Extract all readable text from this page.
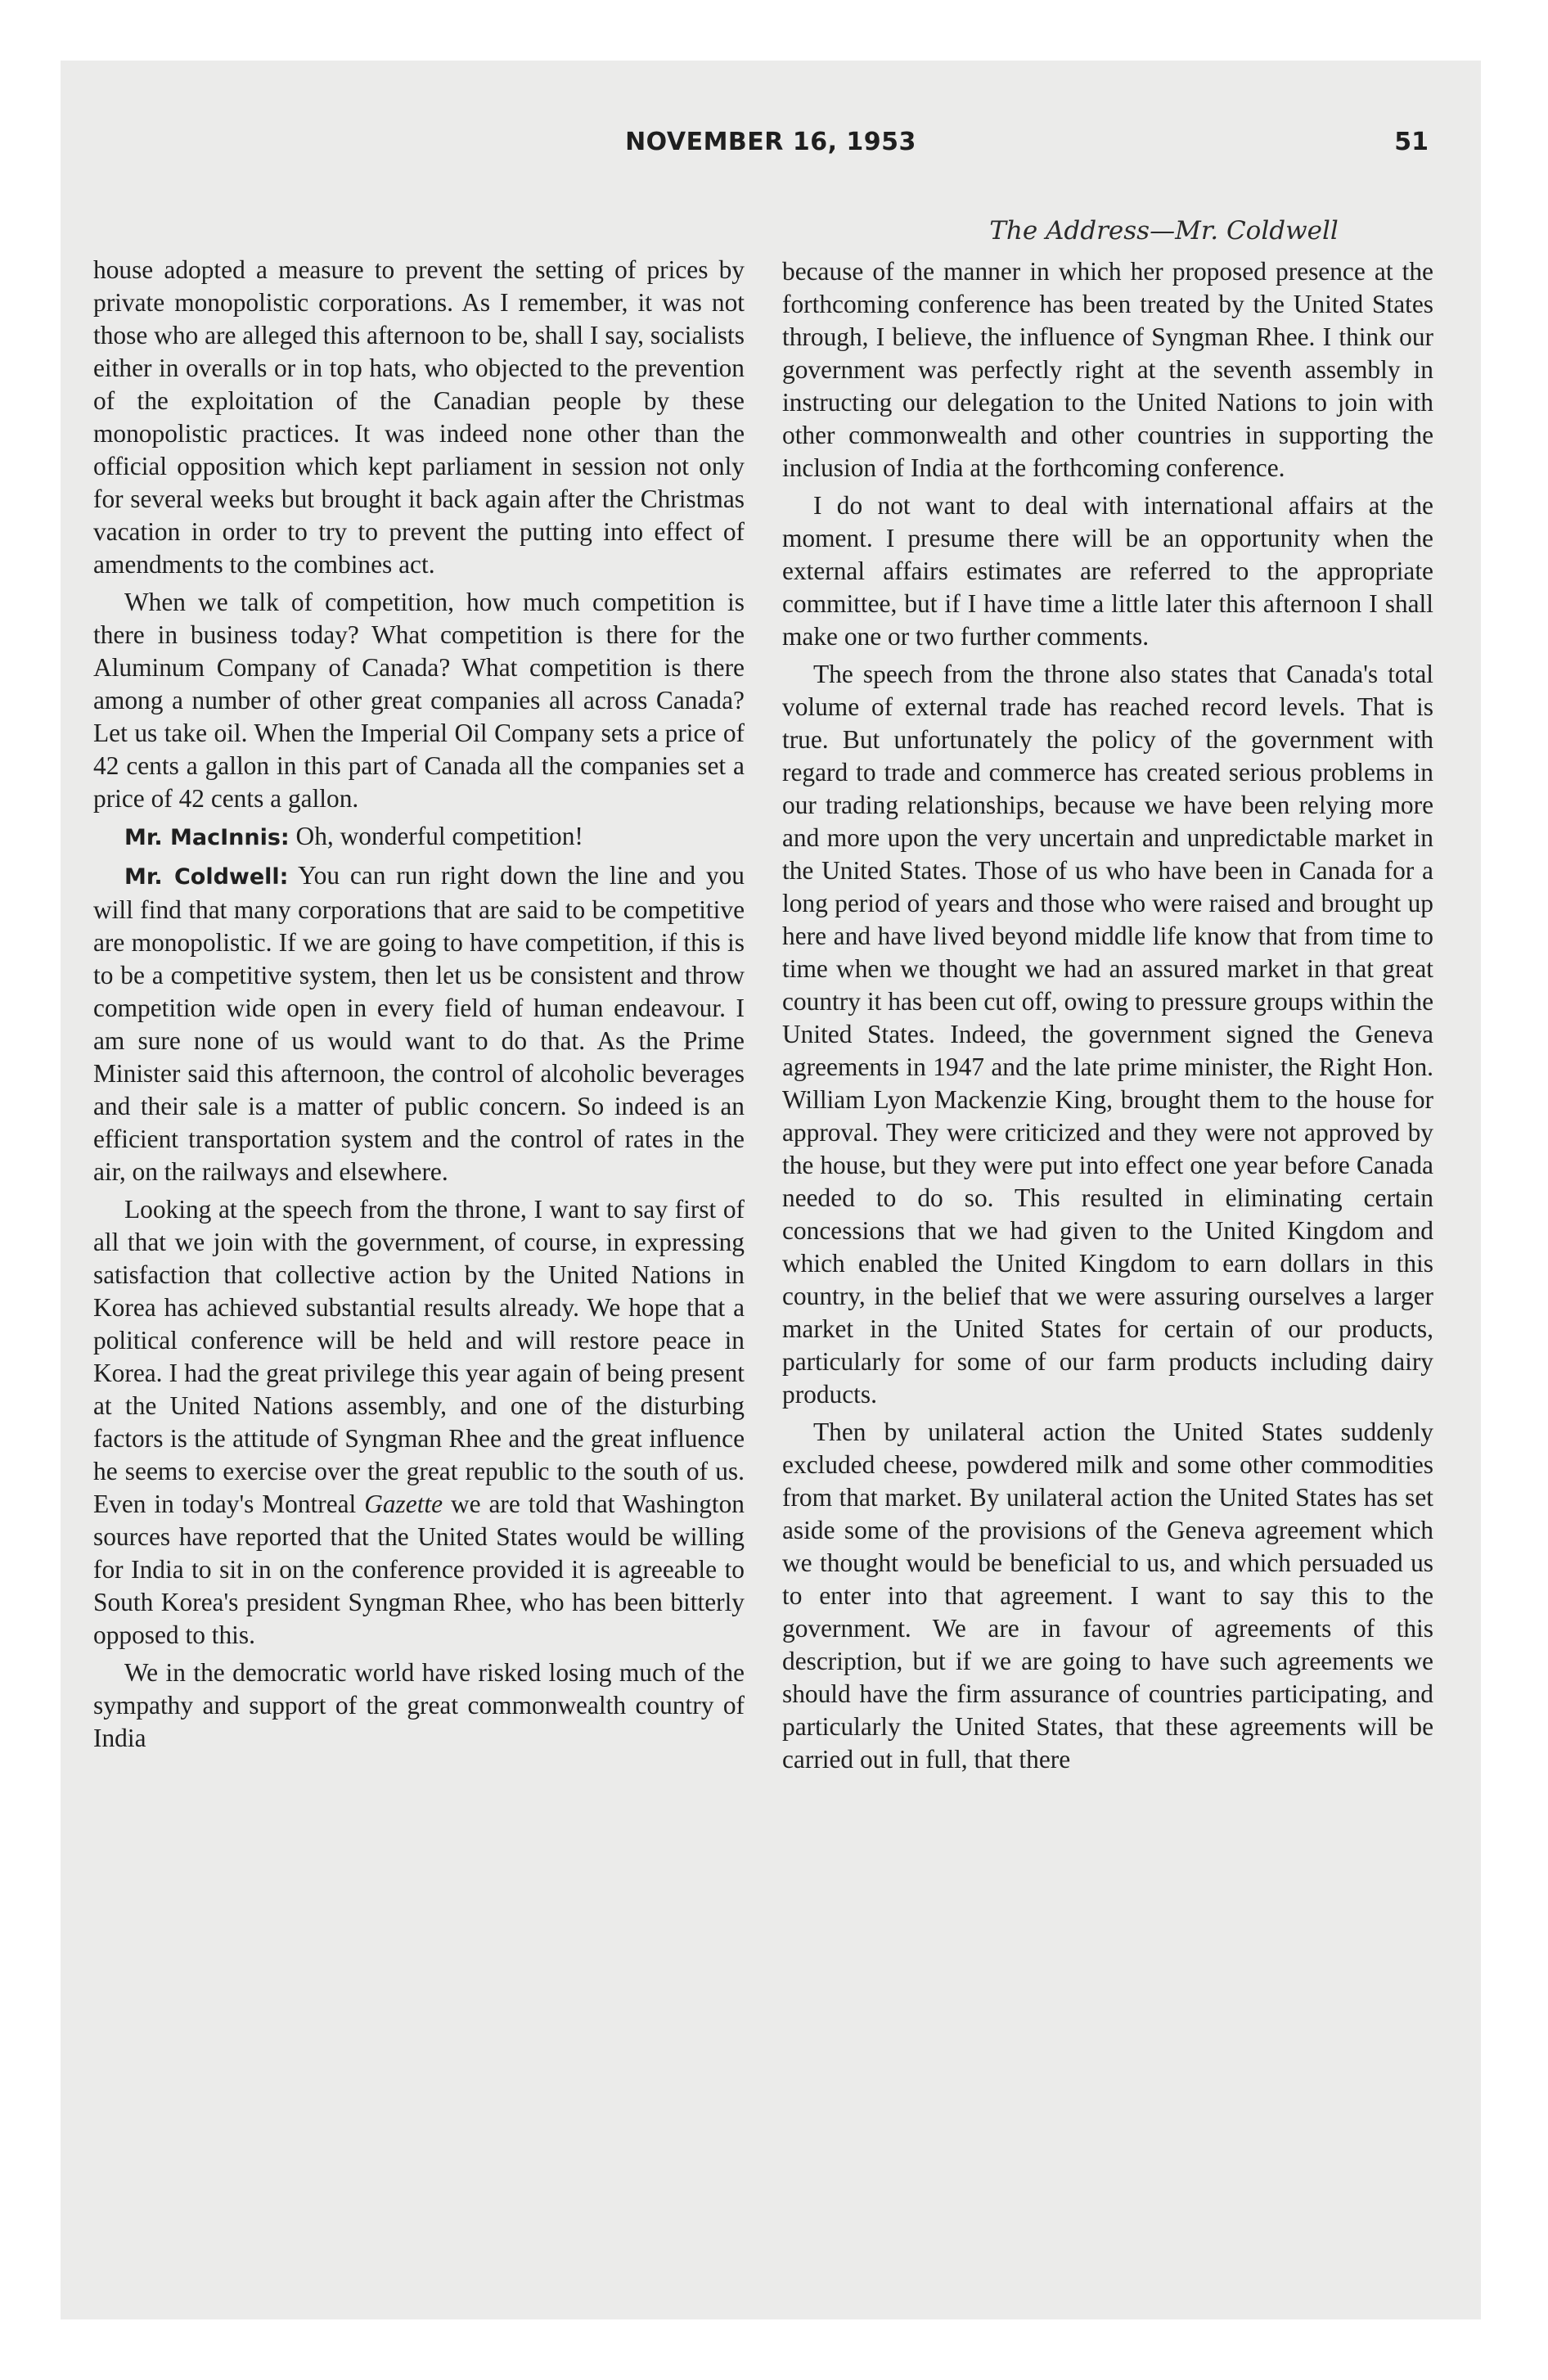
NOVEMBER 16, 1953	51
The Address—Mr. Coldwell

house adopted a measure to prevent the setting of prices by private monopolistic corporations. As I remember, it was not those who are alleged this afternoon to be, shall I say, socialists either in overalls or in top hats, who objected to the prevention of the exploitation of the Canadian people by these monopolistic practices. It was indeed none other than the official opposition which kept parliament in session not only for several weeks but brought it back again after the Christmas vacation in order to try to prevent the putting into effect of amendments to the combines act.

When we talk of competition, how much competition is there in business today? What competition is there for the Aluminum Company of Canada? What competition is there among a number of other great companies all across Canada? Let us take oil. When the Imperial Oil Company sets a price of 42 cents a gallon in this part of Canada all the companies set a price of 42 cents a gallon.

Mr. MacInnis: Oh, wonderful competition!

Mr. Coldwell: You can run right down the line and you will find that many corporations that are said to be competitive are monopolistic. If we are going to have competition, if this is to be a competitive system, then let us be consistent and throw competition wide open in every field of human endeavour. I am sure none of us would want to do that. As the Prime Minister said this afternoon, the control of alcoholic beverages and their sale is a matter of public concern. So indeed is an efficient transportation system and the control of rates in the air, on the railways and elsewhere.

Looking at the speech from the throne, I want to say first of all that we join with the government, of course, in expressing satisfaction that collective action by the United Nations in Korea has achieved substantial results already. We hope that a political conference will be held and will restore peace in Korea. I had the great privilege this year again of being present at the United Nations assembly, and one of the disturbing factors is the attitude of Syngman Rhee and the great influence he seems to exercise over the great republic to the south of us. Even in today's Montreal Gazette we are told that Washington sources have reported that the United States would be willing for India to sit in on the conference provided it is agreeable to South Korea's president Syngman Rhee, who has been bitterly opposed to this.

We in the democratic world have risked losing much of the sympathy and support of the great commonwealth country of India

because of the manner in which her proposed presence at the forthcoming conference has been treated by the United States through, I believe, the influence of Syngman Rhee. I think our government was perfectly right at the seventh assembly in instructing our delegation to the United Nations to join with other commonwealth and other countries in supporting the inclusion of India at the forthcoming conference.

I do not want to deal with international affairs at the moment. I presume there will be an opportunity when the external affairs estimates are referred to the appropriate committee, but if I have time a little later this afternoon I shall make one or two further comments.

The speech from the throne also states that Canada's total volume of external trade has reached record levels. That is true. But unfortunately the policy of the government with regard to trade and commerce has created serious problems in our trading relationships, because we have been relying more and more upon the very uncertain and unpredictable market in the United States. Those of us who have been in Canada for a long period of years and those who were raised and brought up here and have lived beyond middle life know that from time to time when we thought we had an assured market in that great country it has been cut off, owing to pressure groups within the United States. Indeed, the government signed the Geneva agreements in 1947 and the late prime minister, the Right Hon. William Lyon Mackenzie King, brought them to the house for approval. They were criticized and they were not approved by the house, but they were put into effect one year before Canada needed to do so. This resulted in eliminating certain concessions that we had given to the United Kingdom and which enabled the United Kingdom to earn dollars in this country, in the belief that we were assuring ourselves a larger market in the United States for certain of our products, particularly for some of our farm products including dairy products.

Then by unilateral action the United States suddenly excluded cheese, powdered milk and some other commodities from that market. By unilateral action the United States has set aside some of the provisions of the Geneva agreement which we thought would be beneficial to us, and which persuaded us to enter into that agreement. I want to say this to the government. We are in favour of agreements of this description, but if we are going to have such agreements we should have the firm assurance of countries participating, and particularly the United States, that these agreements will be carried out in full, that there
